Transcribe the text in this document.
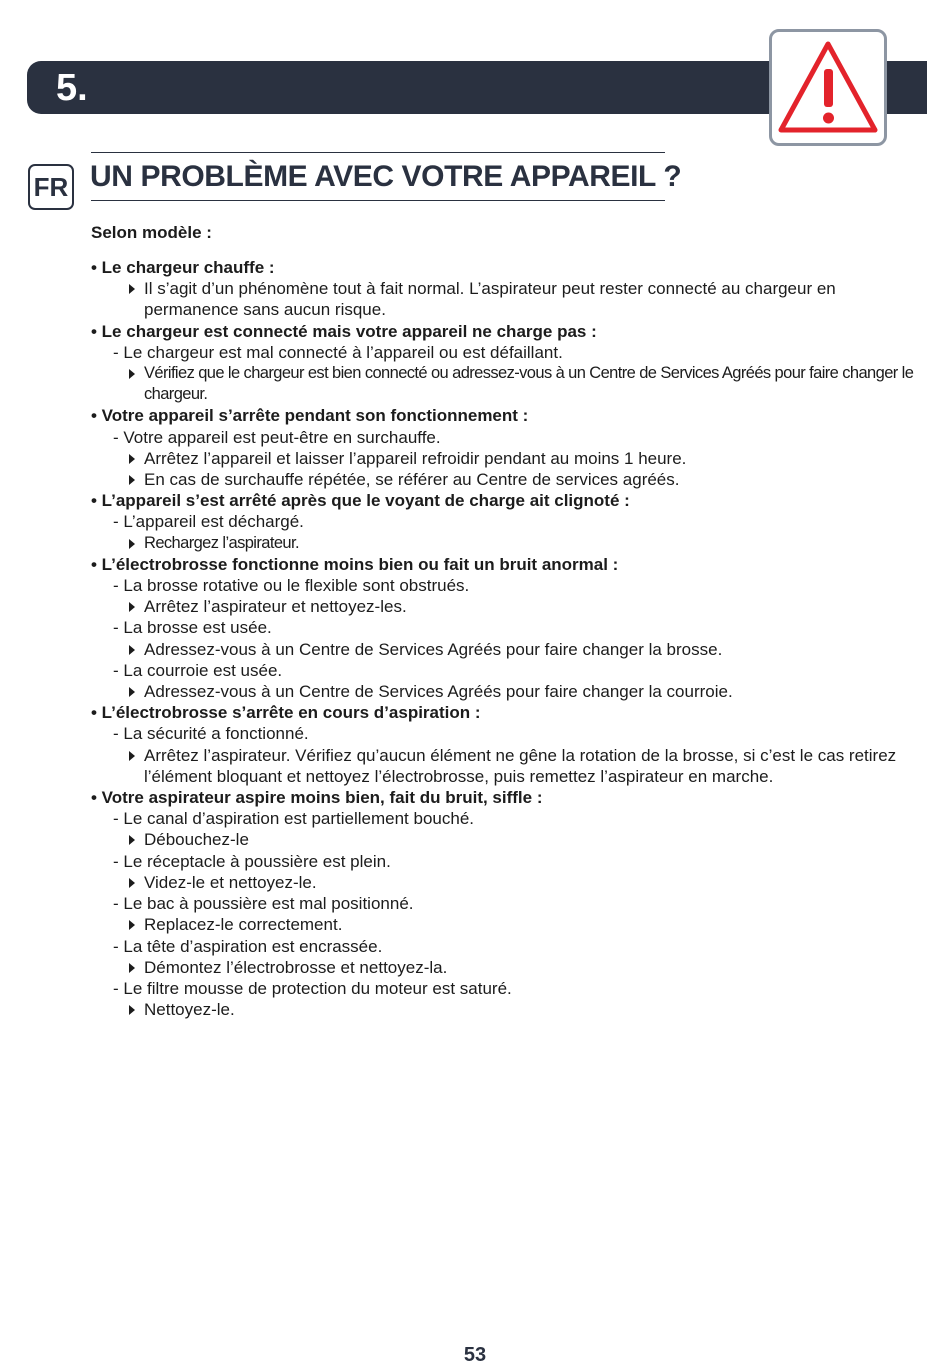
5.
FR UN PROBLÈME AVEC VOTRE APPAREIL ?
Selon modèle :

• Le chargeur chauffe :

Il s’agit d’un phénomène tout à fait normal. L’aspirateur peut rester connecté au chargeur en permanence sans aucun risque.

• Le chargeur est connecté mais votre appareil ne charge pas :

- Le chargeur est mal connecté à l’appareil ou est défaillant.

Vérifiez que le chargeur est bien connecté ou adressez-vous à un Centre de Services Agréés pour faire changer le chargeur.

• Votre appareil s’arrête pendant son fonctionnement :

- Votre appareil est peut-être en surchauffe.

Arrêtez l’appareil et laisser l’appareil refroidir pendant au moins 1 heure.

En cas de surchauffe répétée, se référer au Centre de services agréés.

• L’appareil s’est arrêté après que le voyant de charge ait clignoté :

- L’appareil est déchargé.

Rechargez l’aspirateur.

• L’électrobrosse fonctionne moins bien ou fait un bruit anormal :

- La brosse rotative ou le flexible sont obstrués.

Arrêtez l’aspirateur et nettoyez-les.

- La brosse est usée.

Adressez-vous à un Centre de Services Agréés pour faire changer la brosse.

- La courroie est usée.

Adressez-vous à un Centre de Services Agréés pour faire changer la courroie.

• L’électrobrosse s’arrête en cours d’aspiration :

- La sécurité a fonctionné.

Arrêtez l’aspirateur. Vérifiez qu’aucun élément ne gêne la rotation de la brosse, si c’est le cas retirez l’élément bloquant et nettoyez l’électrobrosse, puis remettez l’aspirateur en marche.

• Votre aspirateur aspire moins bien, fait du bruit, siffle :

- Le canal d’aspiration est partiellement bouché.

Débouchez-le

- Le réceptacle à poussière est plein.

Videz-le et nettoyez-le.

- Le bac à poussière est mal positionné.

Replacez-le correctement.

- La tête d’aspiration est encrassée.

Démontez l’électrobrosse et nettoyez-la.

- Le filtre mousse de protection du moteur est saturé.

Nettoyez-le.

53
